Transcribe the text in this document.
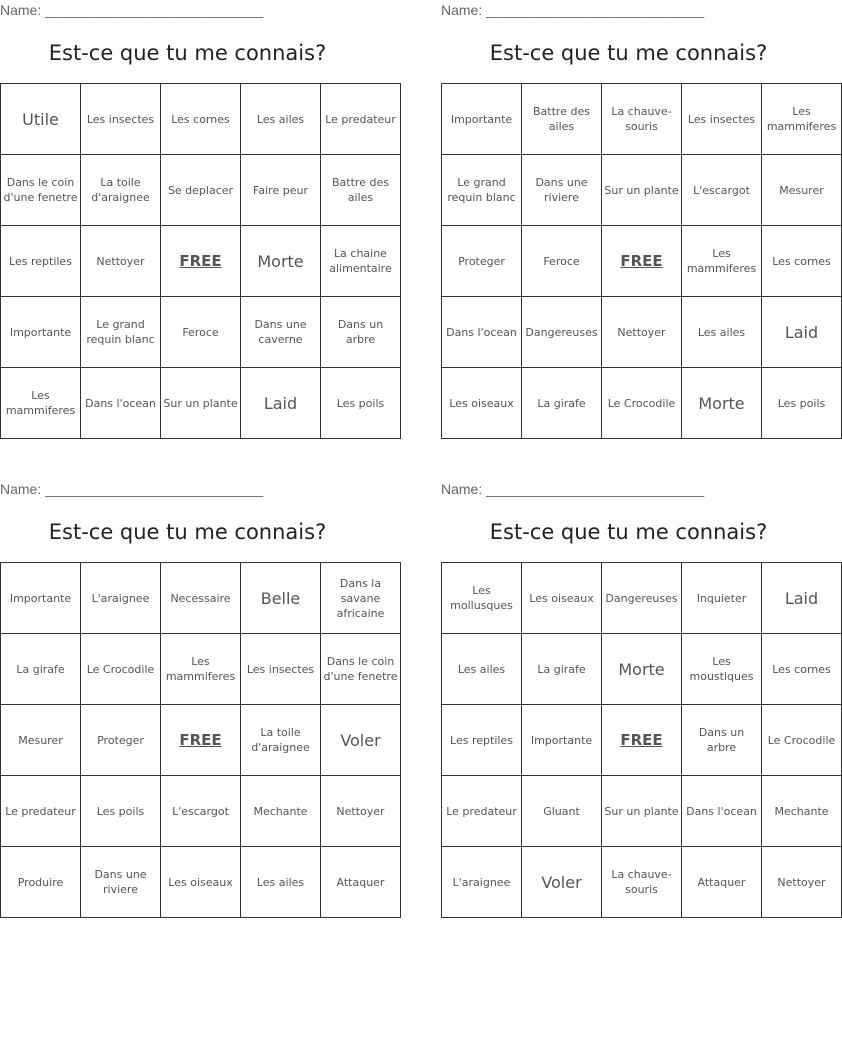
Name: ____________________________
Est-ce que tu me connais?
Utile	Les insectes	Les cornes	Les ailes	Le predateur
Dans le coin d'une fenetre	La toile d'araignee	Se deplacer	Faire peur	Battre des ailes
Les reptiles	Nettoyer	FREE	Morte	La chaine alimentaire
Importante	Le grand requin blanc	Feroce	Dans une caverne	Dans un arbre
Les mammiferes	Dans l'ocean	Sur un plante	Laid	Les poils
Name: ____________________________
Est-ce que tu me connais?
Importante	Battre des ailes	La chauve-souris	Les insectes	Les mammiferes
Le grand requin blanc	Dans une riviere	Sur un plante	L'escargot	Mesurer
Proteger	Feroce	FREE	Les mammiferes	Les cornes
Dans l'ocean	Dangereuses	Nettoyer	Les ailes	Laid
Les oiseaux	La girafe	Le Crocodile	Morte	Les poils
Name: ____________________________
Est-ce que tu me connais?
Importante	L'araignee	Necessaire	Belle	Dans la savane africaine
La girafe	Le Crocodile	Les mammiferes	Les insectes	Dans le coin d'une fenetre
Mesurer	Proteger	FREE	La toile d'araignee	Voler
Le predateur	Les poils	L'escargot	Mechante	Nettoyer
Produire	Dans une riviere	Les oiseaux	Les ailes	Attaquer
Name: ____________________________
Est-ce que tu me connais?
Les mollusques	Les oiseaux	Dangereuses	Inquieter	Laid
Les ailes	La girafe	Morte	Les moustiques	Les cornes
Les reptiles	Importante	FREE	Dans un arbre	Le Crocodile
Le predateur	Gluant	Sur un plante	Dans l'ocean	Mechante
L'araignee	Voler	La chauve-souris	Attaquer	Nettoyer
